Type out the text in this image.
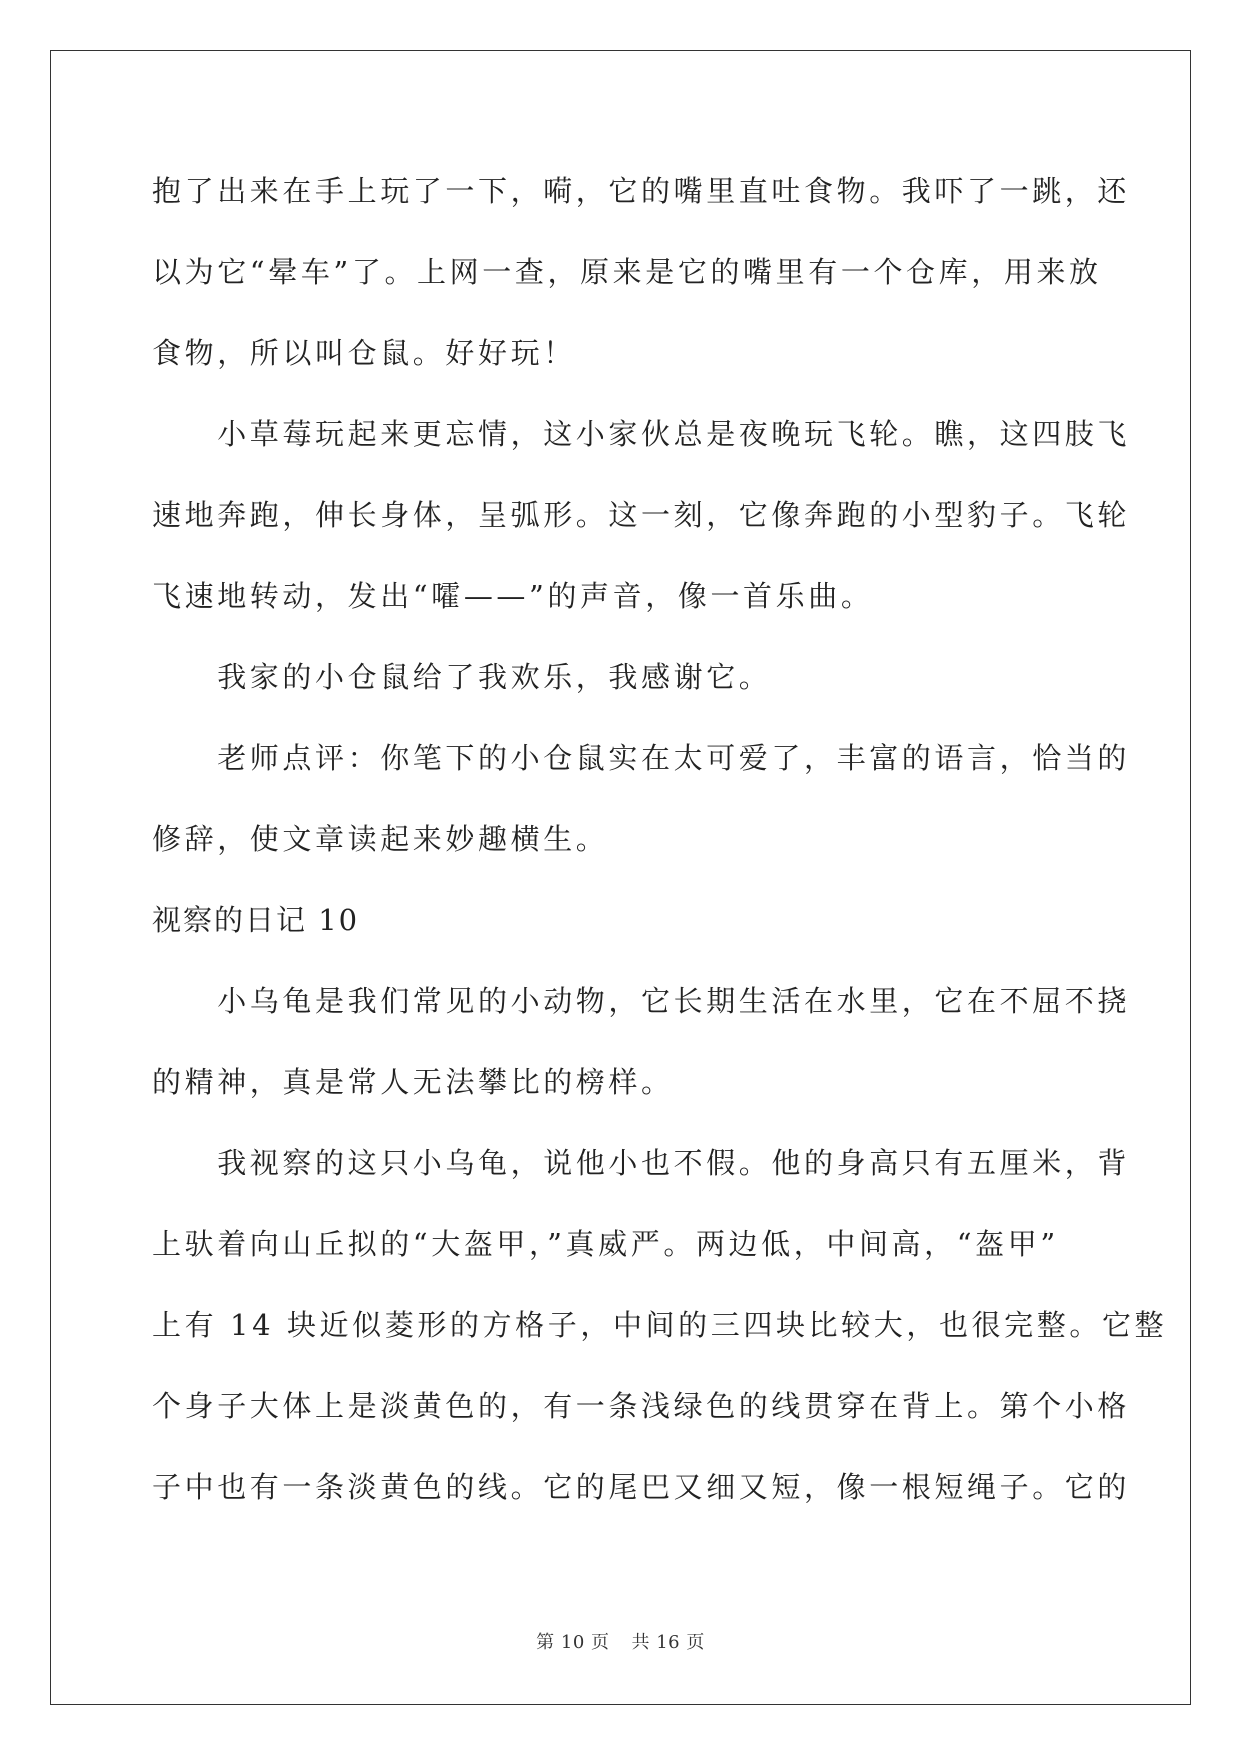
抱了出来在手上玩了一下，嗬，它的嘴里直吐食物。我吓了一跳，还
以为它“晕车”了。上网一查，原来是它的嘴里有一个仓库，用来放
食物，所以叫仓鼠。好好玩！
　　小草莓玩起来更忘情，这小家伙总是夜晚玩飞轮。瞧，这四肢飞
速地奔跑，伸长身体，呈弧形。这一刻，它像奔跑的小型豹子。飞轮
飞速地转动，发出“嚯——”的声音，像一首乐曲。
　　我家的小仓鼠给了我欢乐，我感谢它。
　　老师点评：你笔下的小仓鼠实在太可爱了，丰富的语言，恰当的
修辞，使文章读起来妙趣横生。
视察的日记 10
　　小乌龟是我们常见的小动物，它长期生活在水里，它在不屈不挠
的精神，真是常人无法攀比的榜样。
　　我视察的这只小乌龟，说他小也不假。他的身高只有五厘米，背
上驮着向山丘拟的“大盔甲，”真威严。两边低，中间高，“盔甲”
上有 14 块近似菱形的方格子，中间的三四块比较大，也很完整。它整
个身子大体上是淡黄色的，有一条浅绿色的线贯穿在背上。第个小格
子中也有一条淡黄色的线。它的尾巴又细又短，像一根短绳子。它的
第 10 页 共 16 页
